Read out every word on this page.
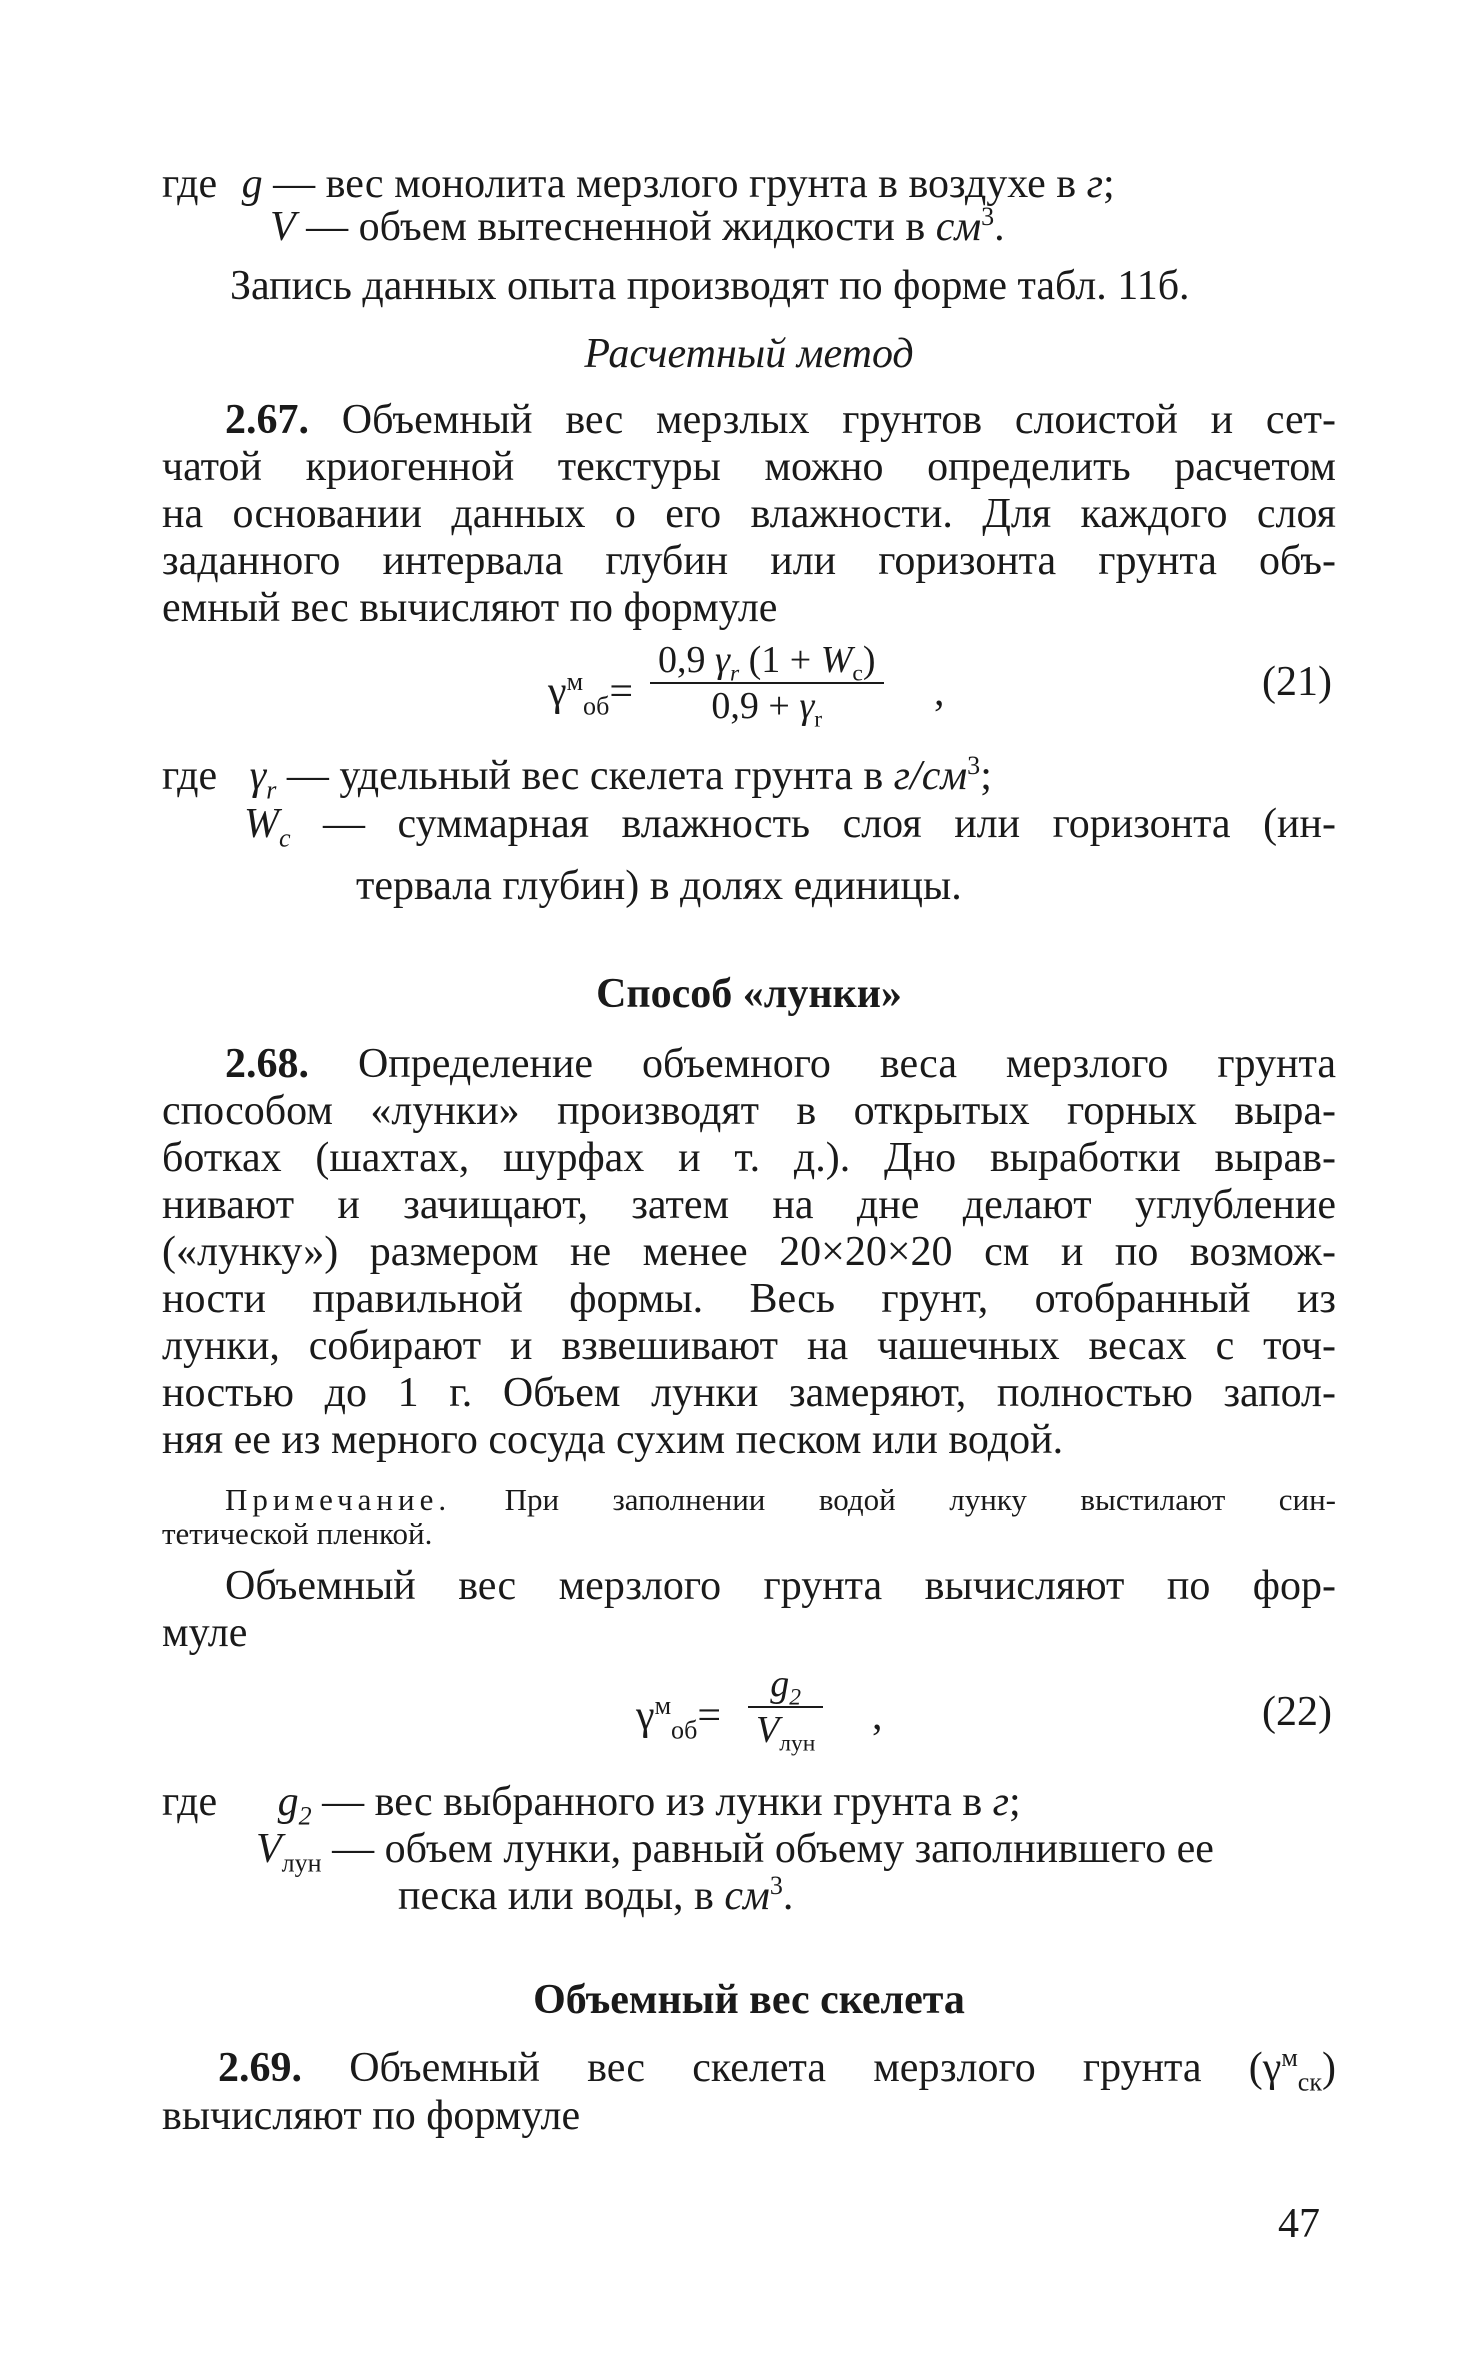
где g — вес монолита мерзлого грунта в воздухе в г;
V — объем вытесненной жидкости в $см^3$.
Запись данных опыта производят по форме табл. 11б.
Расчетный метод
2.67. Объемный вес мерзлых грунтов слоистой и сет-
чатой криогенной текстуры можно определить расчетом
на основании данных о его влажности. Для каждого слоя
заданного интервала глубин или горизонта грунта объ-
емный вес вычисляют по формуле
$\gamma^м_{об}=$
0,9 $\gamma_r$ $(1 + W_c)$
$0,9 + \gamma_r$
,	(21)
где $\gamma_r$ — удельный вес скелета грунта в $г/см^3$;
$W_c$ — суммарная влажность слоя или горизонта (ин-
тервала глубин) в долях единицы.
Способ «лунки»
2.68. Определение объемного веса мерзлого грунта
способом «лунки» производят в открытых горных выра-
ботках (шахтах, шурфах и т. д.). Дно выработки вырав-
нивают и зачищают, затем на дне делают углубление
(«лунку») размером не менее 20×20×20 см и по возмож-
ности правильной формы. Весь грунт, отобранный из
лунки, собирают и взвешивают на чашечных весах с точ-
ностью до 1 г. Объем лунки замеряют, полностью запол-
няя ее из мерного сосуда сухим песком или водой.
Примечание. При заполнении водой лунку выстилают син-
тетической пленкой.
Объемный вес мерзлого грунта вычисляют по фор-
муле
$\gamma^м_{об}=$
$g_2$
$V_{лун}$
,	(22)
где $g_2$ — вес выбранного из лунки грунта в г;
$V_{лун}$ — объем лунки, равный объему заполнившего ее
песка или воды, в $см^3$.
Объемный вес скелета
2.69. Объемный вес скелета мерзлого грунта $(\gamma^м_{ск})$
вычисляют по формуле
47
